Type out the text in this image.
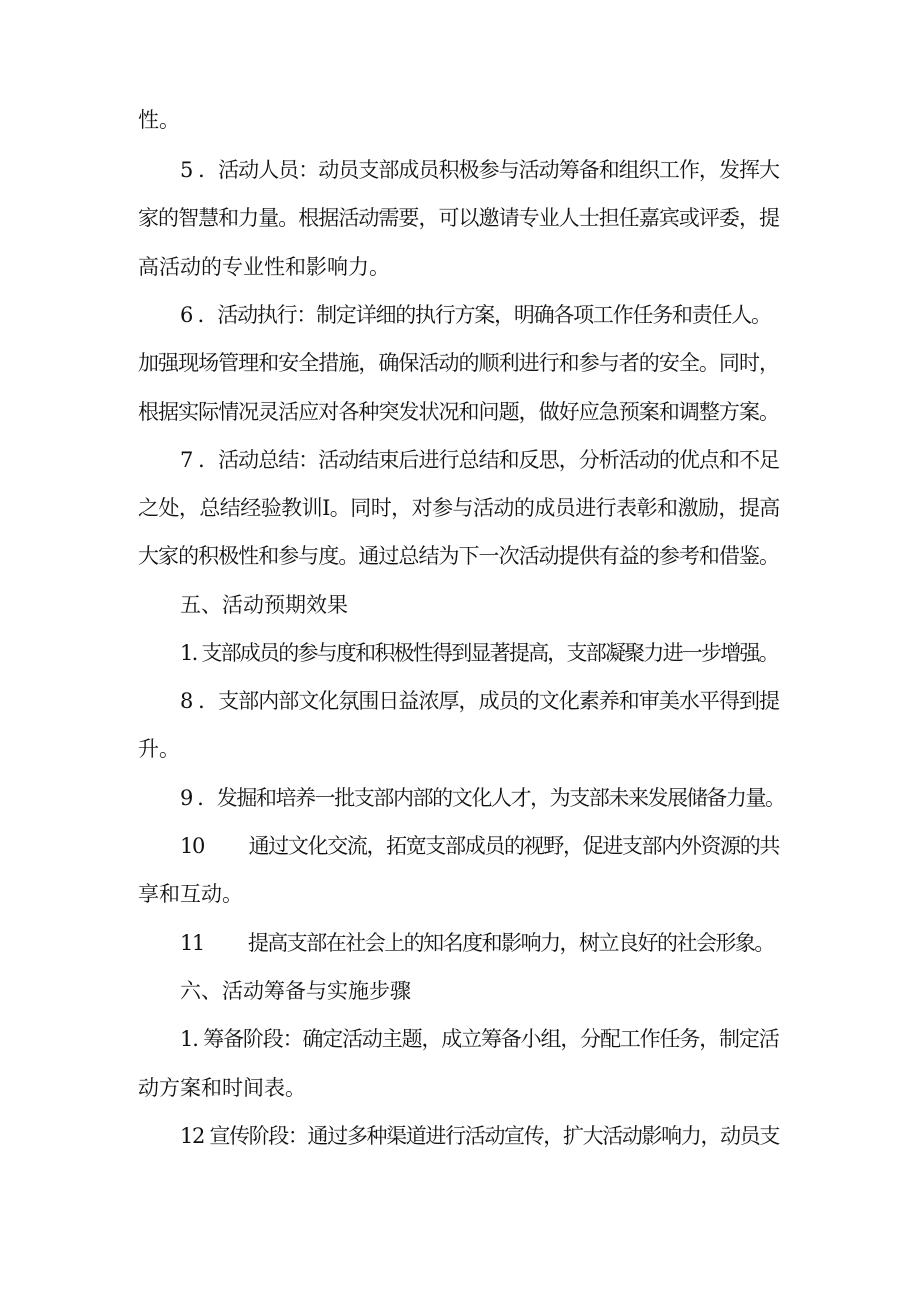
性。
5 ．活动人员：动员支部成员积极参与活动筹备和组织工作，发挥大
家的智慧和力量。根据活动需要，可以邀请专业人士担任嘉宾或评委，提
高活动的专业性和影响力。
6 ．活动执行：制定详细的执行方案，明确各项工作任务和责任人。
加强现场管理和安全措施，确保活动的顺利进行和参与者的安全。同时，
根据实际情况灵活应对各种突发状况和问题，做好应急预案和调整方案。
7 ．活动总结：活动结束后进行总结和反思，分析活动的优点和不足
之处，总结经验教训Ⅰ。同时，对参与活动的成员进行表彰和激励，提高
大家的积极性和参与度。通过总结为下一次活动提供有益的参考和借鉴。
五、活动预期效果
1. 支部成员的参与度和积极性得到显著提高，支部凝聚力进一步增强。
8 ．支部内部文化氛围日益浓厚，成员的文化素养和审美水平得到提
升。
9 ．发掘和培养一批支部内部的文化人才，为支部未来发展储备力量。
10 　　通过文化交流，拓宽支部成员的视野，促进支部内外资源的共
享和互动。
11 　　提高支部在社会上的知名度和影响力，树立良好的社会形象。
六、活动筹备与实施步骤
1. 筹备阶段：确定活动主题，成立筹备小组，分配工作任务，制定活
动方案和时间表。
12 宣传阶段：通过多种渠道进行活动宣传，扩大活动影响力，动员支
